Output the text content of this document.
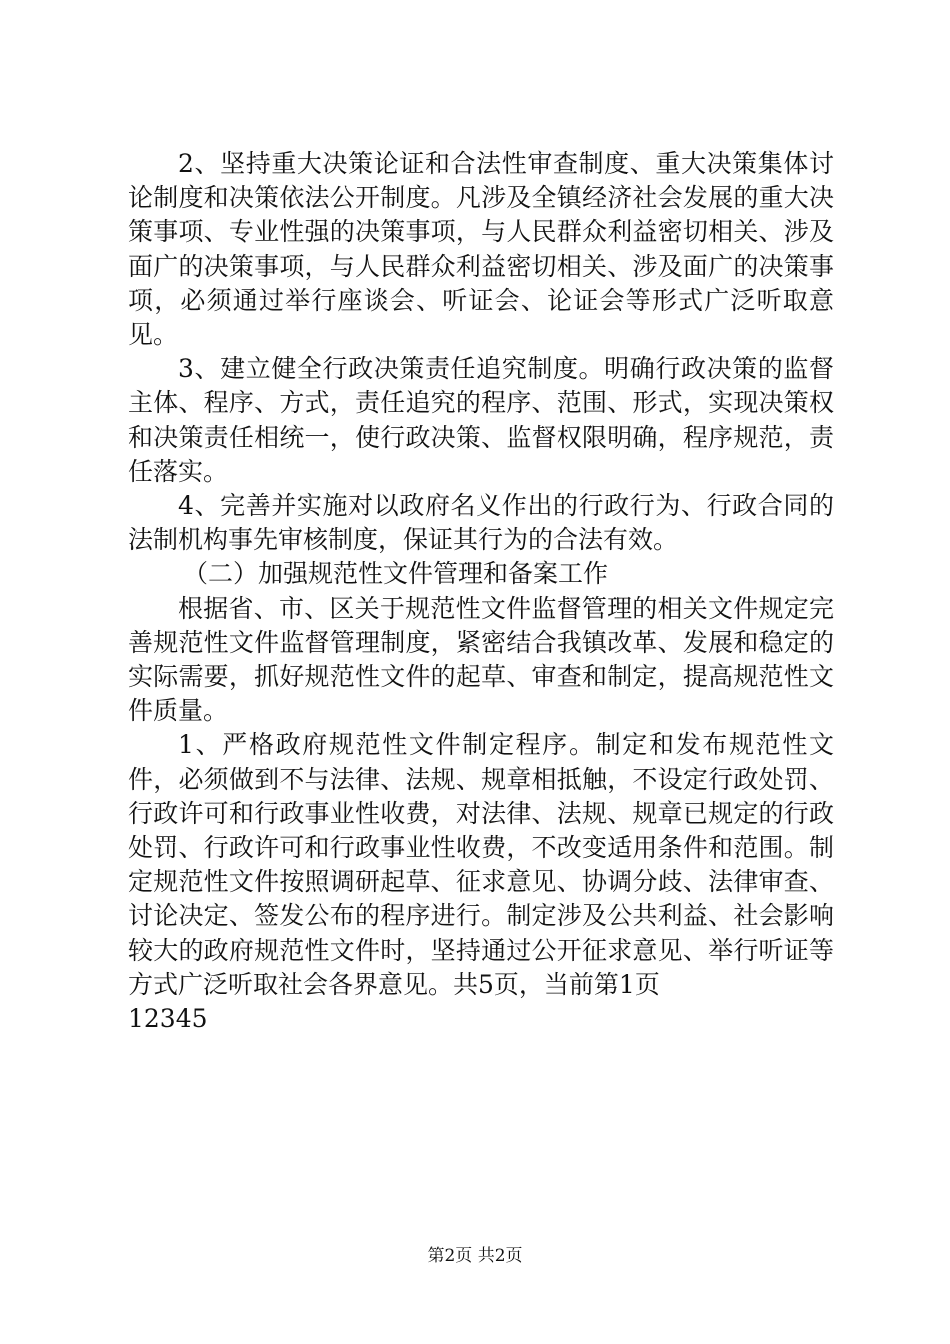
2、坚持重大决策论证和合法性审查制度、重大决策集体讨论制度和决策依法公开制度。凡涉及全镇经济社会发展的重大决策事项、专业性强的决策事项，与人民群众利益密切相关、涉及面广的决策事项，与人民群众利益密切相关、涉及面广的决策事项，必须通过举行座谈会、听证会、论证会等形式广泛听取意见。

3、建立健全行政决策责任追究制度。明确行政决策的监督主体、程序、方式，责任追究的程序、范围、形式，实现决策权和决策责任相统一，使行政决策、监督权限明确，程序规范，责任落实。

4、完善并实施对以政府名义作出的行政行为、行政合同的法制机构事先审核制度，保证其行为的合法有效。

（二）加强规范性文件管理和备案工作

根据省、市、区关于规范性文件监督管理的相关文件规定完善规范性文件监督管理制度，紧密结合我镇改革、发展和稳定的实际需要，抓好规范性文件的起草、审查和制定，提高规范性文件质量。

1、严格政府规范性文件制定程序。制定和发布规范性文件，必须做到不与法律、法规、规章相抵触，不设定行政处罚、行政许可和行政事业性收费，对法律、法规、规章已规定的行政处罚、行政许可和行政事业性收费，不改变适用条件和范围。制定规范性文件按照调研起草、征求意见、协调分歧、法律审查、讨论决定、签发公布的程序进行。制定涉及公共利益、社会影响较大的政府规范性文件时，坚持通过公开征求意见、举行听证等方式广泛听取社会各界意见。共5页，当前第1页

12345

第2页 共2页
